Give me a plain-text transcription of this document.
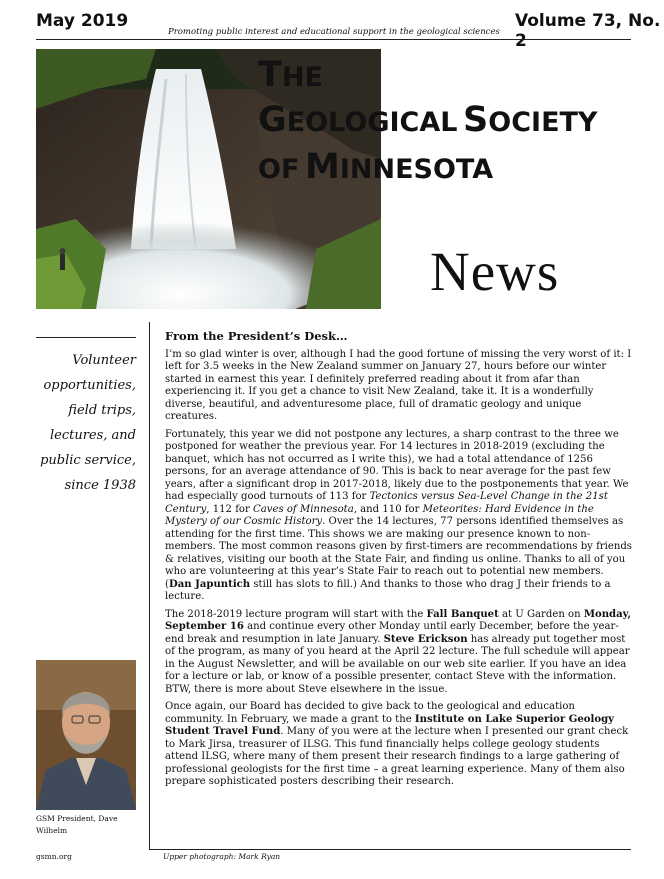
May 2019
Promoting public interest and educational support in the geological sciences
Volume 73, No. 2
THE
GEOLOGICAL SOCIETY
OF MINNESOTA
News
Volunteer
opportunities,
field trips,
lectures, and
public service,
since 1938
GSM President, Dave Wilhelm
gsmn.org	Upper photograph: Mark Ryan
From the President’s Desk…

I’m so glad winter is over, although I had the good fortune of missing the very worst of it: I left for 3.5 weeks in the New Zealand summer on January 27, hours before our winter started in earnest this year. I definitely preferred reading about it from afar than experiencing it. If you get a chance to visit New Zealand, take it. It is a wonderfully diverse, beautiful, and adventuresome place, full of dramatic geology and unique creatures.

Fortunately, this year we did not postpone any lectures, a sharp contrast to the three we postponed for weather the previous year. For 14 lectures in 2018-2019 (excluding the banquet, which has not occurred as I write this), we had a total attendance of 1256 persons, for an average attendance of 90. This is back to near average for the past few years, after a significant drop in 2017-2018, likely due to the postponements that year. We had especially good turnouts of 113 for Tectonics versus Sea-Level Change in the 21st Century, 112 for Caves of Minnesota, and 110 for Meteorites: Hard Evidence in the Mystery of our Cosmic History. Over the 14 lectures, 77 persons identified themselves as attending for the first time. This shows we are making our presence known to non-members. The most common reasons given by first-timers are recommendations by friends & relatives, visiting our booth at the State Fair, and finding us online. Thanks to all of you who are volunteering at this year’s State Fair to reach out to potential new members. (Dan Japuntich still has slots to fill.) And thanks to those who drag J their friends to a lecture.

The 2018-2019 lecture program will start with the Fall Banquet at U Garden on Monday, September 16 and continue every other Monday until early December, before the year-end break and resumption in late January. Steve Erickson has already put together most of the program, as many of you heard at the April 22 lecture. The full schedule will appear in the August Newsletter, and will be available on our web site earlier. If you have an idea for a lecture or lab, or know of a possible presenter, contact Steve with the information. BTW, there is more about Steve elsewhere in the issue.

Once again, our Board has decided to give back to the geological and education community. In February, we made a grant to the Institute on Lake Superior Geology Student Travel Fund. Many of you were at the lecture when I presented our grant check to Mark Jirsa, treasurer of ILSG. This fund financially helps college geology students attend ILSG, where many of them present their research findings to a large gathering of professional geologists for the first time – a great learning experience. Many of them also prepare sophisticated posters describing their research.
